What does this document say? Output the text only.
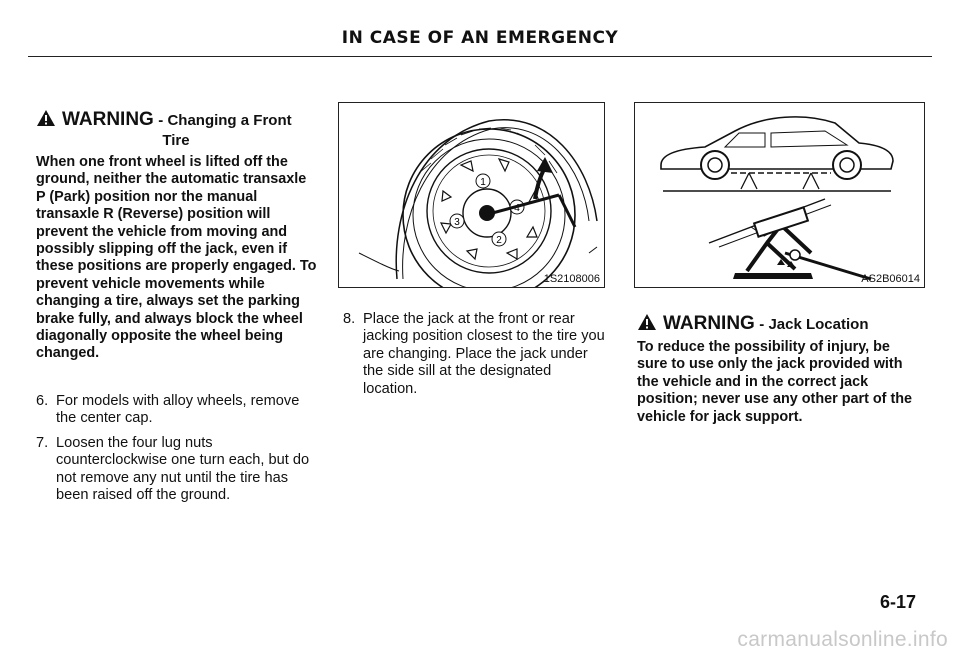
IN CASE OF AN EMERGENCY
WARNING - Changing a Front
Tire
When one front wheel is lifted off the ground, neither the automatic transaxle P (Park) position nor the manual transaxle R (Reverse) position will prevent the vehicle from moving and possibly slipping off the jack, even if these positions are properly engaged. To prevent vehicle movements while changing a tire, always set the parking brake fully, and always block the wheel diagonally opposite the wheel being changed.
6. For models with alloy wheels, remove the center cap.
7. Loosen the four lug nuts counterclockwise one turn each, but do not remove any nut until the tire has been raised off the ground.
1
2
3
4
1S2108006
8. Place the jack at the front or rear jacking position closest to the tire you are changing. Place the jack under the side sill at the designated location.
AS2B06014
WARNING - Jack Location
To reduce the possibility of injury, be sure to use only the jack provided with the vehicle and in the correct jack position; never use any other part of the vehicle for jack support.
6-17
carmanualsonline.info
